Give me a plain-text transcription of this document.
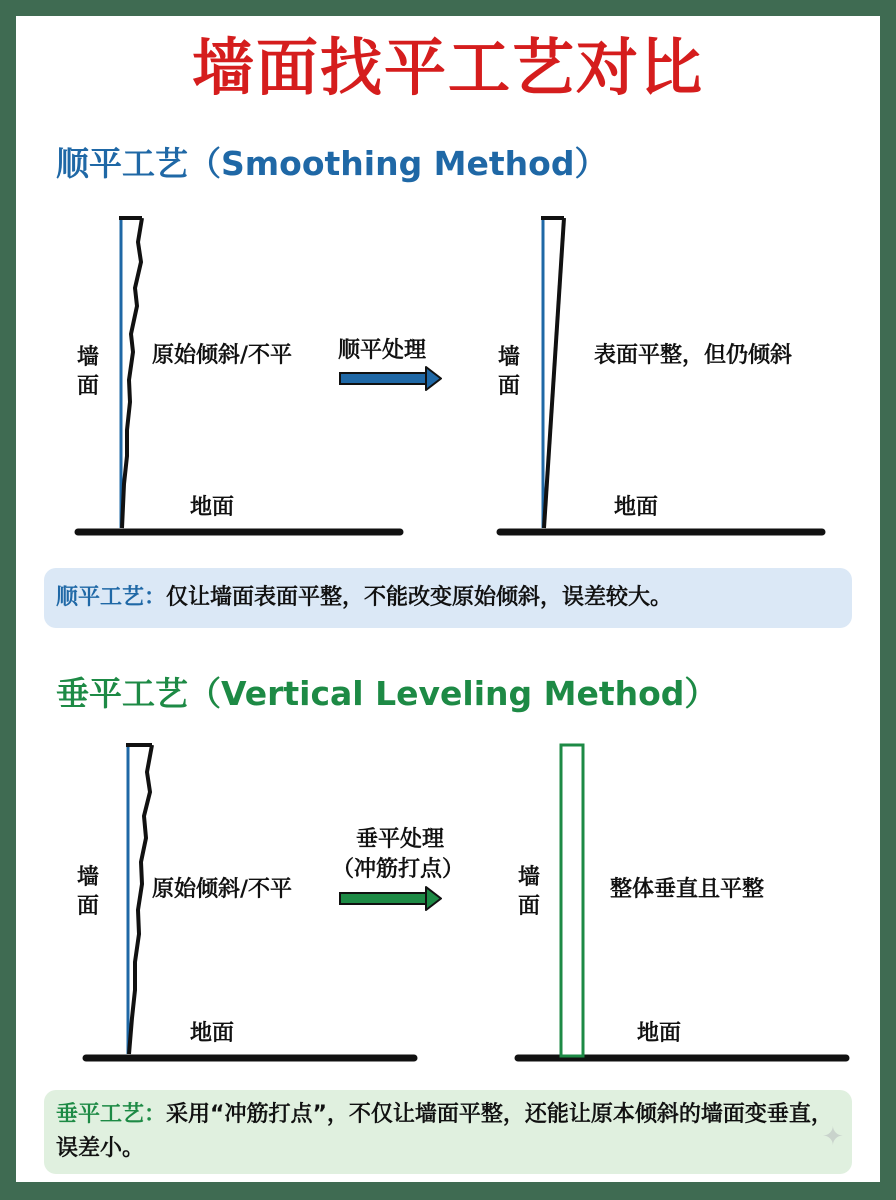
墙面找平工艺对比
顺平工艺（Smoothing Method）
墙面
原始倾斜/不平
地面
顺平处理	墙面
表面平整，但仍倾斜
地面
顺平工艺：仅让墙面表面平整，不能改变原始倾斜，误差较大。
垂平工艺（Vertical Leveling Method）
墙面
原始倾斜/不平
地面
垂平处理
（冲筋打点）	墙面
整体垂直且平整
地面
垂平工艺：采用“冲筋打点”，不仅让墙面平整，还能让原本倾斜的墙面变垂直，误差小。	✦
